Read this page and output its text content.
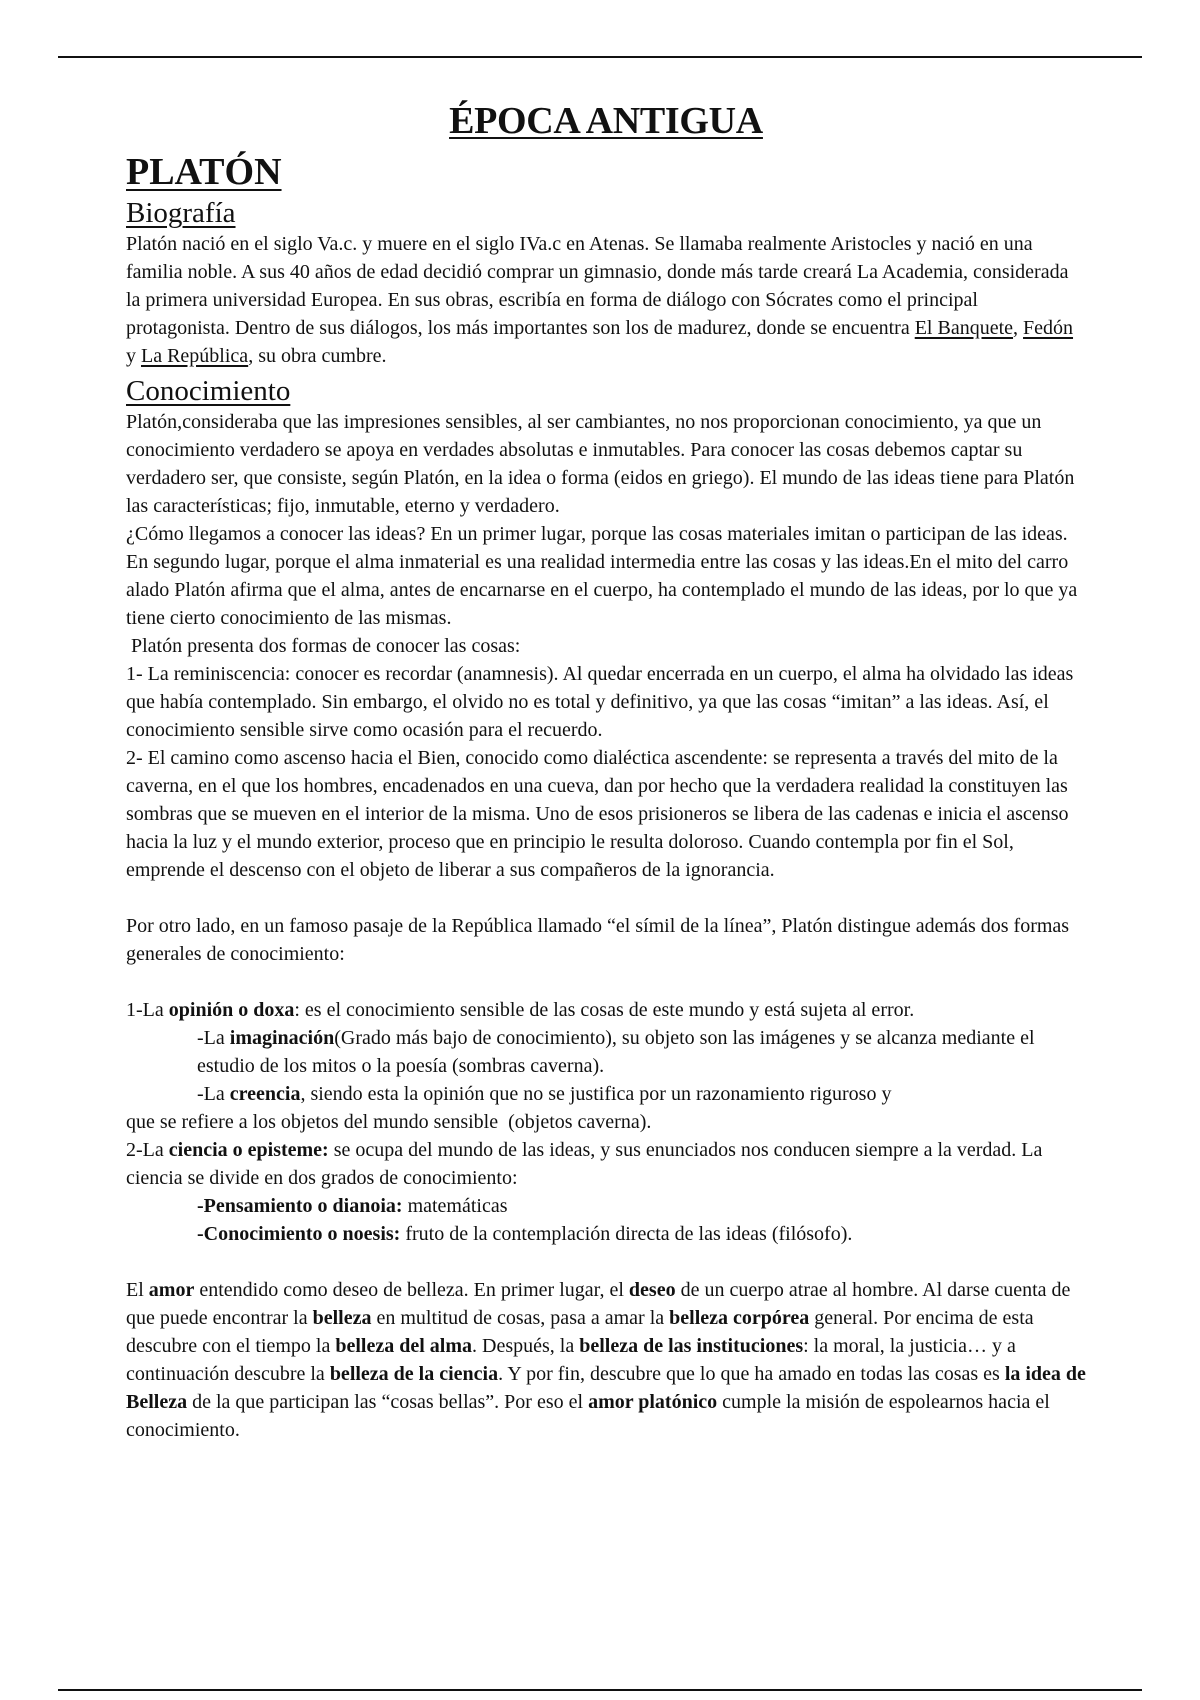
ÉPOCA ANTIGUA
PLATÓN
Biografía

Platón nació en el siglo Va.c. y muere en el siglo IVa.c en Atenas. Se llamaba realmente Aristocles y nació en una familia noble. A sus 40 años de edad decidió comprar un gimnasio, donde más tarde creará La Academia, considerada la primera universidad Europea. En sus obras, escribía en forma de diálogo con Sócrates como el principal protagonista. Dentro de sus diálogos, los más importantes son los de madurez, donde se encuentra El Banquete, Fedón y La República, su obra cumbre.

Conocimiento

Platón,consideraba que las impresiones sensibles, al ser cambiantes, no nos proporcionan conocimiento, ya que un conocimiento verdadero se apoya en verdades absolutas e inmutables. Para conocer las cosas debemos captar su verdadero ser, que consiste, según Platón, en la idea o forma (eidos en griego). El mundo de las ideas tiene para Platón las características; fijo, inmutable, eterno y verdadero.

¿Cómo llegamos a conocer las ideas? En un primer lugar, porque las cosas materiales imitan o participan de las ideas. En segundo lugar, porque el alma inmaterial es una realidad intermedia entre las cosas y las ideas.En el mito del carro alado Platón afirma que el alma, antes de encarnarse en el cuerpo, ha contemplado el mundo de las ideas, por lo que ya tiene cierto conocimiento de las mismas.

Platón presenta dos formas de conocer las cosas:

1- La reminiscencia: conocer es recordar (anamnesis). Al quedar encerrada en un cuerpo, el alma ha olvidado las ideas que había contemplado. Sin embargo, el olvido no es total y definitivo, ya que las cosas “imitan” a las ideas. Así, el conocimiento sensible sirve como ocasión para el recuerdo.

2- El camino como ascenso hacia el Bien, conocido como dialéctica ascendente: se representa a través del mito de la caverna, en el que los hombres, encadenados en una cueva, dan por hecho que la verdadera realidad la constituyen las sombras que se mueven en el interior de la misma. Uno de esos prisioneros se libera de las cadenas e inicia el ascenso hacia la luz y el mundo exterior, proceso que en principio le resulta doloroso. Cuando contempla por fin el Sol, emprende el descenso con el objeto de liberar a sus compañeros de la ignorancia.

Por otro lado, en un famoso pasaje de la República llamado “el símil de la línea”, Platón distingue además dos formas generales de conocimiento:

1-La opinión o doxa: es el conocimiento sensible de las cosas de este mundo y está sujeta al error.

-La imaginación(Grado más bajo de conocimiento), su objeto son las imágenes y se alcanza mediante el estudio de los mitos o la poesía (sombras caverna).

-La creencia, siendo esta la opinión que no se justifica por un razonamiento riguroso y

que se refiere a los objetos del mundo sensible  (objetos caverna).

2-La ciencia o episteme: se ocupa del mundo de las ideas, y sus enunciados nos conducen siempre a la verdad. La ciencia se divide en dos grados de conocimiento:

-Pensamiento o dianoia: matemáticas

-Conocimiento o noesis: fruto de la contemplación directa de las ideas (filósofo).

El amor entendido como deseo de belleza. En primer lugar, el deseo de un cuerpo atrae al hombre. Al darse cuenta de que puede encontrar la belleza en multitud de cosas, pasa a amar la belleza corpórea general. Por encima de esta descubre con el tiempo la belleza del alma. Después, la belleza de las instituciones: la moral, la justicia… y a continuación descubre la belleza de la ciencia. Y por fin, descubre que lo que ha amado en todas las cosas es la idea de Belleza de la que participan las “cosas bellas”. Por eso el amor platónico cumple la misión de espolearnos hacia el conocimiento.
